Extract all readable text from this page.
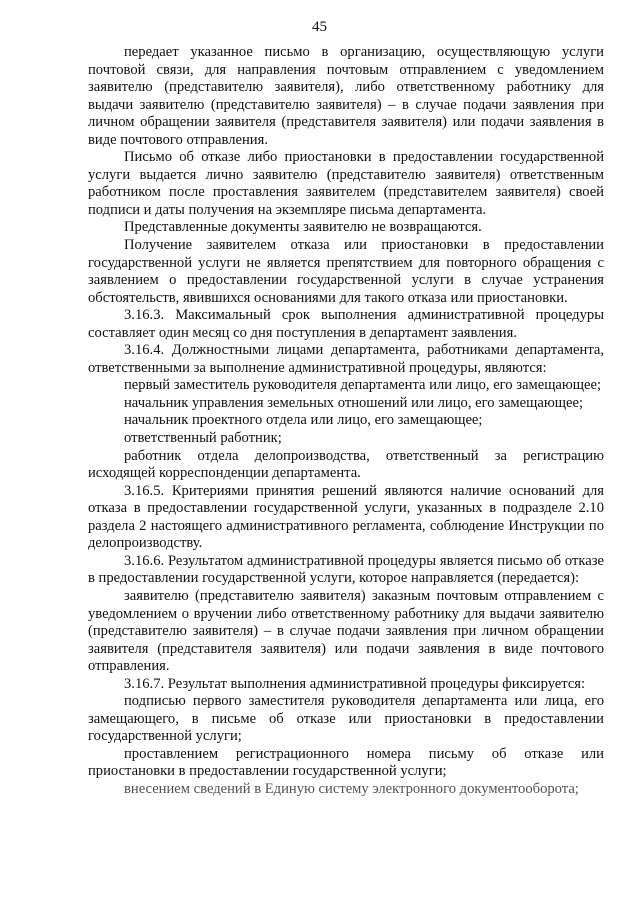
45

передает указанное письмо в организацию, осуществляющую услуги почтовой связи, для направления почтовым отправлением с уведомлением заявителю (представителю заявителя), либо ответственному работнику для выдачи заявителю (представителю заявителя) – в случае подачи заявления при личном обращении заявителя (представителя заявителя) или подачи заявления в виде почтового отправления.

Письмо об отказе либо приостановки в предоставлении государственной услуги выдается лично заявителю (представителю заявителя) ответственным работником после проставления заявителем (представителем заявителя) своей подписи и даты получения на экземпляре письма департамента.

Представленные документы заявителю не возвращаются.

Получение заявителем отказа или приостановки в предоставлении государственной услуги не является препятствием для повторного обращения с заявлением о предоставлении государственной услуги в случае устранения обстоятельств, явившихся основаниями для такого отказа или приостановки.

3.16.3. Максимальный срок выполнения административной процедуры составляет один месяц со дня поступления в департамент заявления.

3.16.4. Должностными лицами департамента, работниками департамента, ответственными за выполнение административной процедуры, являются:

первый заместитель руководителя департамента или лицо, его замещающее;

начальник управления земельных отношений или лицо, его замещающее;

начальник проектного отдела или лицо, его замещающее;

ответственный работник;

работник отдела делопроизводства, ответственный за регистрацию исходящей корреспонденции департамента.

3.16.5. Критериями принятия решений являются наличие оснований для отказа в предоставлении государственной услуги, указанных в подразделе 2.10 раздела 2 настоящего административного регламента, соблюдение Инструкции по делопроизводству.

3.16.6. Результатом административной процедуры является письмо об отказе в предоставлении государственной услуги, которое направляется (передается):

заявителю (представителю заявителя) заказным почтовым отправлением с уведомлением о вручении либо ответственному работнику для выдачи заявителю (представителю заявителя) – в случае подачи заявления при личном обращении заявителя (представителя заявителя) или подачи заявления в виде почтового отправления.

3.16.7. Результат выполнения административной процедуры фиксируется:

подписью первого заместителя руководителя департамента или лица, его замещающего, в письме об отказе или приостановки в предоставлении государственной услуги;

проставлением регистрационного номера письму об отказе или приостановки в предоставлении государственной услуги;

внесением сведений в Единую систему электронного документооборота;
